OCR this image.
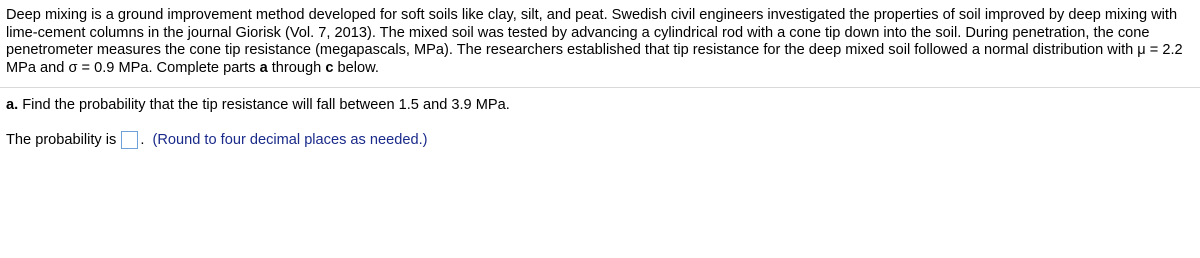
Deep mixing is a ground improvement method developed for soft soils like clay, silt, and peat. Swedish civil engineers investigated the properties of soil improved by deep mixing with lime-cement columns in the journal Giorisk (Vol. 7, 2013). The mixed soil was tested by advancing a cylindrical rod with a cone tip down into the soil. During penetration, the cone penetrometer measures the cone tip resistance (megapascals, MPa). The researchers established that tip resistance for the deep mixed soil followed a normal distribution with μ = 2.2 MPa and σ = 0.9 MPa. Complete parts a through c below.

a. Find the probability that the tip resistance will fall between 1.5 and 3.9 MPa.
The probability is . (Round to four decimal places as needed.)
